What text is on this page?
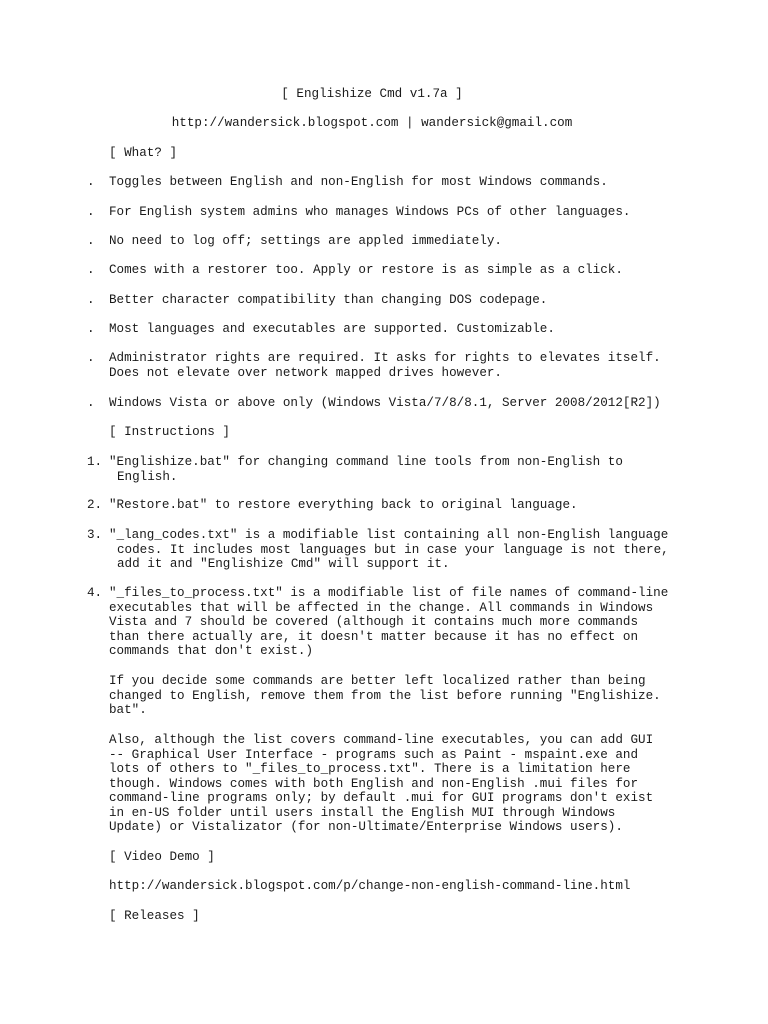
[ Englishize Cmd v1.7a ]
http://wandersick.blogspot.com | wandersick@gmail.com
[ What? ]
. Toggles between English and non-English for most Windows commands.
. For English system admins who manages Windows PCs of other languages.
. No need to log off; settings are appled immediately.
. Comes with a restorer too. Apply or restore is as simple as a click.
. Better character compatibility than changing DOS codepage.
. Most languages and executables are supported. Customizable.
. Administrator rights are required. It asks for rights to elevates itself.
Does not elevate over network mapped drives however.
. Windows Vista or above only (Windows Vista/7/8/8.1, Server 2008/2012[R2])
[ Instructions ]
1. "Englishize.bat" for changing command line tools from non-English to
English.
2. "Restore.bat" to restore everything back to original language.
3. "_lang_codes.txt" is a modifiable list containing all non-English language
codes. It includes most languages but in case your language is not there,
add it and "Englishize Cmd" will support it.
4. "_files_to_process.txt" is a modifiable list of file names of command-line
executables that will be affected in the change. All commands in Windows
Vista and 7 should be covered (although it contains much more commands
than there actually are, it doesn't matter because it has no effect on
commands that don't exist.)
If you decide some commands are better left localized rather than being
changed to English, remove them from the list before running "Englishize.
bat".
Also, although the list covers command-line executables, you can add GUI
-- Graphical User Interface - programs such as Paint - mspaint.exe and
lots of others to "_files_to_process.txt". There is a limitation here
though. Windows comes with both English and non-English .mui files for
command-line programs only; by default .mui for GUI programs don't exist
in en-US folder until users install the English MUI through Windows
Update) or Vistalizator (for non-Ultimate/Enterprise Windows users).
[ Video Demo ]
http://wandersick.blogspot.com/p/change-non-english-command-line.html
[ Releases ]
